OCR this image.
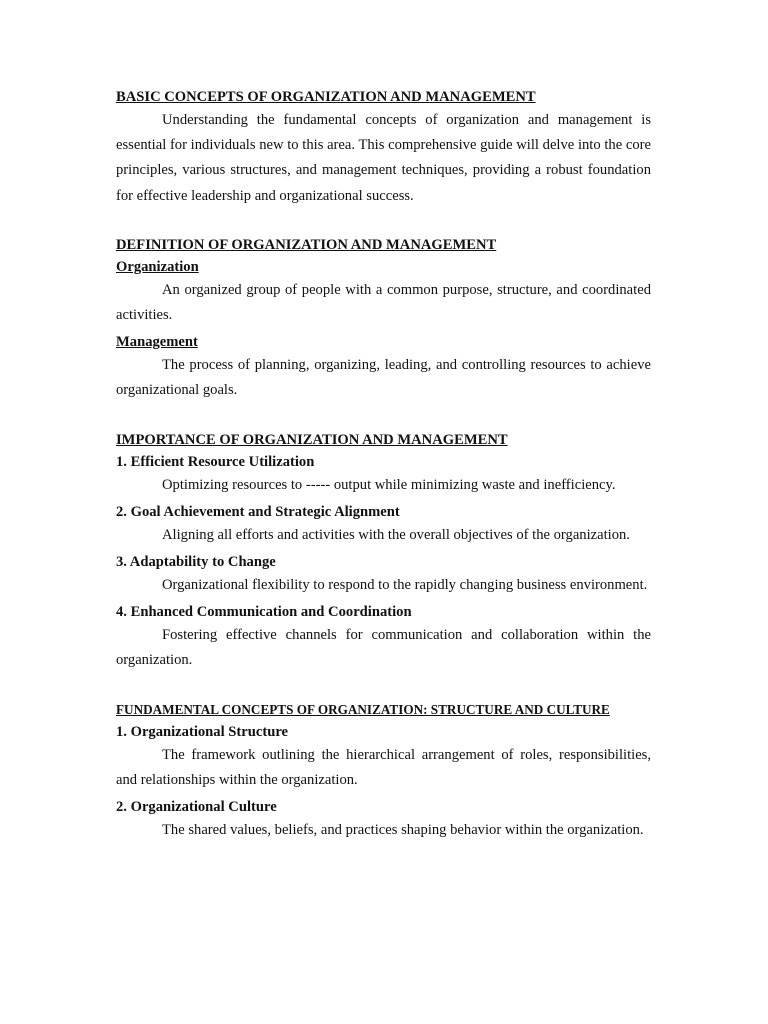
BASIC CONCEPTS OF ORGANIZATION AND MANAGEMENT

Understanding the fundamental concepts of organization and management is essential for individuals new to this area. This comprehensive guide will delve into the core principles, various structures, and management techniques, providing a robust foundation for effective leadership and organizational success.

DEFINITION OF ORGANIZATION AND MANAGEMENT
Organization

An organized group of people with a common purpose, structure, and coordinated activities.

Management

The process of planning, organizing, leading, and controlling resources to achieve organizational goals.

IMPORTANCE OF ORGANIZATION AND MANAGEMENT
1. Efficient Resource Utilization

Optimizing resources to ----- output while minimizing waste and inefficiency.

2. Goal Achievement and Strategic Alignment

Aligning all efforts and activities with the overall objectives of the organization.

3. Adaptability to Change

Organizational flexibility to respond to the rapidly changing business environment.

4. Enhanced Communication and Coordination

Fostering effective channels for communication and collaboration within the organization.

FUNDAMENTAL CONCEPTS OF ORGANIZATION: STRUCTURE AND CULTURE
1. Organizational Structure

The framework outlining the hierarchical arrangement of roles, responsibilities, and relationships within the organization.

2. Organizational Culture

The shared values, beliefs, and practices shaping behavior within the organization.
